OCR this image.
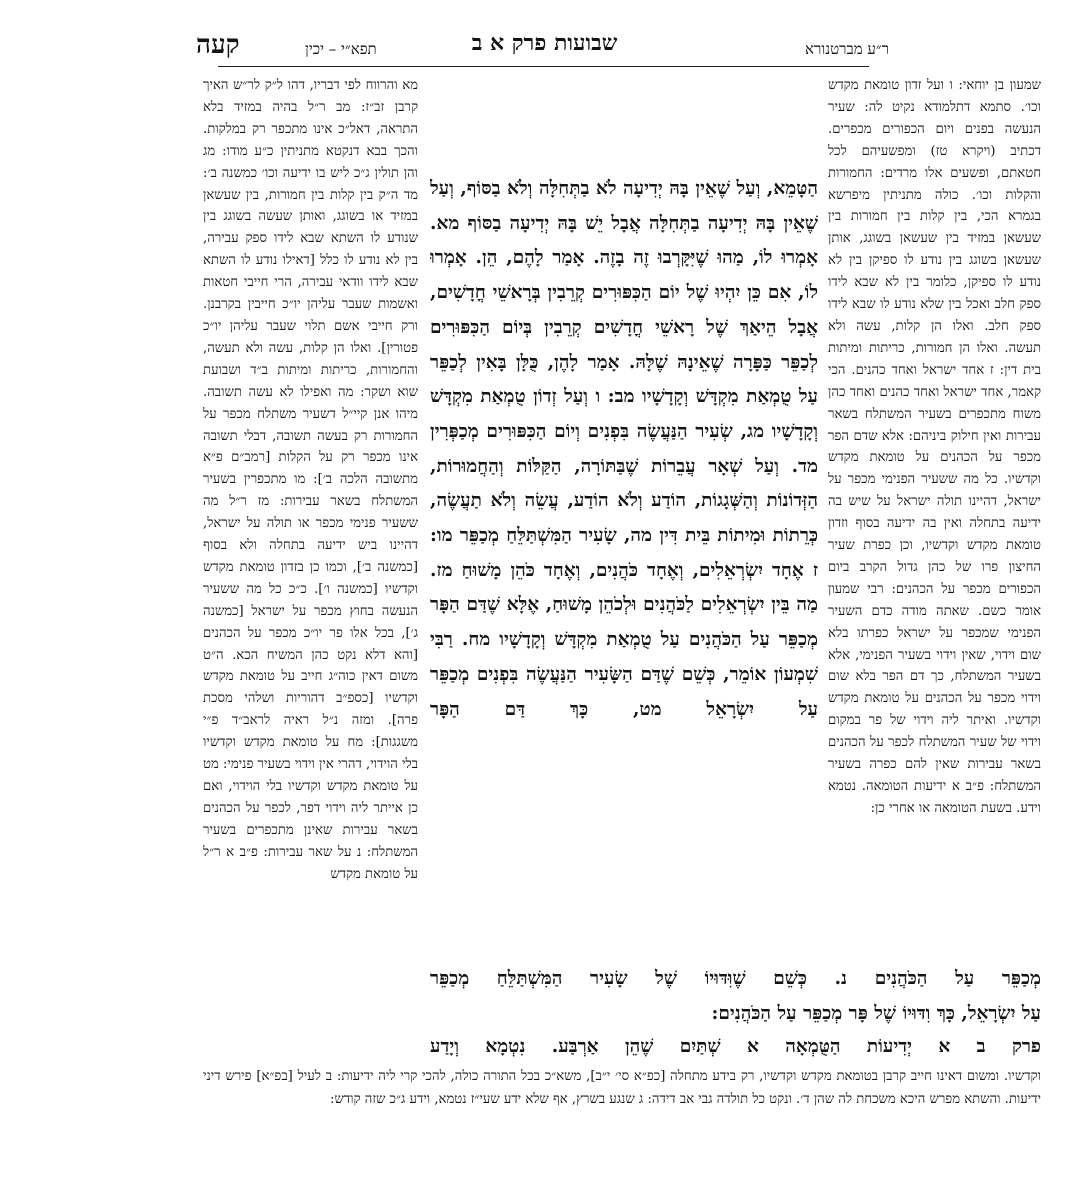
ר״ע מברטנורא
שבועות פרק א ב
תפא״י – יכין
קעה

שמעון בן יוחאי: ו ועל זדון טומאת מקדש וכו׳. סתמא דתלמודא נקיט לה: שעיר הנעשה בפנים ויום הכפורים מכפרים. דכתיב (ויקרא טז) ומפשעיהם לכל חטאתם, ופשעים אלו מרדים: החמורות והקלות וכו׳. כולה מתניתין מיפרשא בגמרא הכי, בין קלות בין חמורות בין שעשאן במזיד בין שעשאן בשוגג, אותן שעשאן בשוגג בין נודע לו ספיקן בין לא נודע לו ספיקן, כלומר בין לא שבא לידו ספק חלב ואכל בין שלא נודע לו שבא לידו ספק חלב. ואלו הן קלות, עשה ולא תעשה. ואלו הן חמורות, כריתות ומיתות בית דין: ז אחד ישראל ואחד כהנים. הכי קאמר, אחד ישראל ואחד כהנים ואחד כהן משוח מתכפרים בשעיר המשתלח בשאר עבירות ואין חילוק ביניהם: אלא שדם הפר מכפר על הכהנים על טומאת מקדש וקדשיו. כל מה ששעיר הפנימי מכפר על ישראל, דהיינו תולה ישראל על שיש בה ידיעה בתחלה ואין בה ידיעה בסוף וזדון טומאת מקדש וקדשיו, וכן כפרת שעיר החיצון פרו של כהן גדול הקרב ביום הכפורים מכפר על הכהנים: רבי שמעון אומר כשם. שאתה מודה כדם השעיר הפנימי שמכפר על ישראל כפרתו בלא שום וידוי, שאין וידוי בשעיר הפנימי, אלא בשעיר המשתלח, כך דם הפר בלא שום וידוי מכפר על הכהנים על טומאת מקדש וקדשיו. ואיתר ליה וידוי של פר במקום וידוי של שעיר המשתלח לכפר על הכהנים בשאר עבירות שאין להם כפרה בשעיר המשתלח: פ״ב א ידיעות הטומאה. נטמא וידע. בשעת הטומאה או אחרי כן:

הַטָּמֵא, וְעַל שֶׁאֵין בָּהּ יְדִיעָה לֹא בַתְּחִלָּה וְלֹא בַסּוֹף, וְעַל שֶׁאֵין בָּהּ יְדִיעָה בַתְּחִלָּה אֲבָל יֵשׁ בָּהּ יְדִיעָה בַסּוֹף מא. אָמְרוּ לוֹ, מַהוּ שֶׁיִּקָּרְבוּ זֶה בָזֶה. אָמַר לָהֶם, הֵן. אָמְרוּ לוֹ, אִם כֵּן יִהְיוּ שֶׁל יוֹם הַכִּפּוּרִים קְרֵבִין בְּרָאשֵׁי חֳדָשִׁים, אֲבָל הֵיאַךְ שֶׁל רָאשֵׁי חֳדָשִׁים קְרֵבִין בְּיוֹם הַכִּפּוּרִים לְכַפֵּר כַּפָּרָה שֶׁאֵינָהּ שֶׁלָּהּ. אָמַר לָהֶן, כֻּלָּן בָּאִין לְכַפֵּר עַל טֻמְאַת מִקְדָּשׁ וְקָדָשָׁיו מב: ו וְעַל זְדוֹן טֻמְאַת מִקְדָּשׁ וְקָדָשָׁיו מג, שְׂעִיר הַנַּעֲשֶׂה בִּפְנִים וְיוֹם הַכִּפּוּרִים מְכַפְּרִין מד. וְעַל שְׁאָר עֲבֵרוֹת שֶׁבַּתּוֹרָה, הַקַּלּוֹת וְהַחֲמוּרוֹת, הַזְּדוֹנוֹת וְהַשְּׁגָגוֹת, הוֹדַע וְלֹא הוֹדַע, עֲשֵׂה וְלֹא תַעֲשֶׂה, כְּרֵתוֹת וּמִיתוֹת בֵּית דִּין מה, שָׂעִיר הַמִּשְׁתַּלֵּחַ מְכַפֵּר מו: ז אֶחָד יִשְׂרְאֵלִים, וְאֶחָד כֹּהֲנִים, וְאֶחָד כֹּהֵן מָשׁוּחַ מז. מַה בֵּין יִשְׂרְאֵלִים לַכֹּהֲנִים וּלְכֹהֵן מָשׁוּחַ, אֶלָּא שֶׁדַּם הַפָּר מְכַפֵּר עַל הַכֹּהֲנִים עַל טֻמְאַת מִקְדָּשׁ וְקָדָשָׁיו מח. רַבִּי שִׁמְעוֹן אוֹמֵר, כְּשֵׁם שֶׁדַּם הַשָּׂעִיר הַנַּעֲשֶׂה בִּפְנִים מְכַפֵּר עַל יִשְׂרָאֵל מט, כָּךְ דַּם הַפָּר

מא והרווח לפי דבריו, דהו ל״ק לר״ש האיך קרבן זב״ז: מב ר״ל בהיה במזיד בלא התראה, דאל״כ אינו מתכפר רק במלקות. והכך בבא דנקטא מתניתין כ״ע מודו: מג והן תולין ג״כ ליש בו ידיעה וכו׳ כמשנה ב׳: מד ה״ק בין קלות בין חמורות, בין שעשאן במזיד או בשוגג, ואותן שעשה בשוגג בין שנודע לו השתא שבא לידו ספק עבירה, בין לא נודע לו כלל [דאילו נודע לו השתא שבא לידו וודאי עבירה, הרי חייבי חטאות ואשמות שעבר עליהן יו״כ חייבין בקרבנן. ורק חייבי אשם תלוי שעבר עליהן יו״כ פטורין]. ואלו הן קלות, עשה ולא תעשה, והחמורות, כריתות ומיתות ב״ד ושבועת שוא ושקר: מה ואפילו לא עשה תשובה. מיהו אנן קיי״ל דשעיר משתלח מכפר על החמורות רק בעשה תשובה, דבלי תשובה אינו מכפר רק על הקלות [רמב״ם פ״א מתשובה הלכה ב׳]: מו מתכפרין בשעיר המשתלח בשאר עבירות: מז ר״ל מה ששעיר פנימי מכפר או תולה על ישראל, דהיינו ביש ידיעה בתחלה ולא בסוף [כמשנה ב׳], וכמו כן בזדון טומאת מקדש וקדשיו [כמשנה ו׳]. כ״כ כל מה ששעיר הנעשה בחוץ מכפר על ישראל [כמשנה ג׳], בכל אלו פר יו״כ מכפר על הכהנים [והא דלא נקט כהן המשיח הכא. ה״ט משום דאין כוה״ג חייב על טומאת מקדש וקדשיו [כספ״ב דהוריות ושלהי מסכת פרה]. ומזה נ״ל ראיה לראב״ד פ״י משגגות]: מח על טומאת מקדש וקדשיו בלי הוידוי, דהרי אין וידוי בשעיר פנימי: מט על טומאת מקדש וקדשיו בלי הוידוי, ואם כן אייתר ליה וידוי דפר, לכפר על הכהנים בשאר עבירות שאינן מתכפרים בשעיר המשתלח: נ על שאר עבירות: פ״ב א ר״ל על טומאת מקדש

מְכַפֵּר עַל הַכֹּהֲנִים נ. כְּשֵׁם שֶׁוִּדּוּיוֹ שֶׁל שָׂעִיר הַמִּשְׁתַּלֵּחַ מְכַפֵּר

עַל יִשְׂרָאֵל, כָּךְ וִדּוּיוֹ שֶׁל פָּר מְכַפֵּר עַל הַכֹּהֲנִים:

פרק ב א יְדִיעוֹת הַטֻּמְאָה א שְׁתַּיִם שֶׁהֵן אַרְבַּע. נִטְמָא וְיָדַע

וקדשיו. ומשום דאינו חייב קרבן בטומאת מקדש וקדשיו, רק בידע מתחלה [כפ״א סי׳ י״ב], משא״כ בכל התורה כולה, להכי קרי ליה ידיעות: ב לעיל [בפ״א] פירש דיני ידיעות. והשתא מפרש היכא משכחת לה שהן ד׳. ונקט כל תולדה גבי אב דידה: ג שנגע בשרץ, אף שלא ידע שעי״ז נטמא, וידע ג״כ שזה קודש:
